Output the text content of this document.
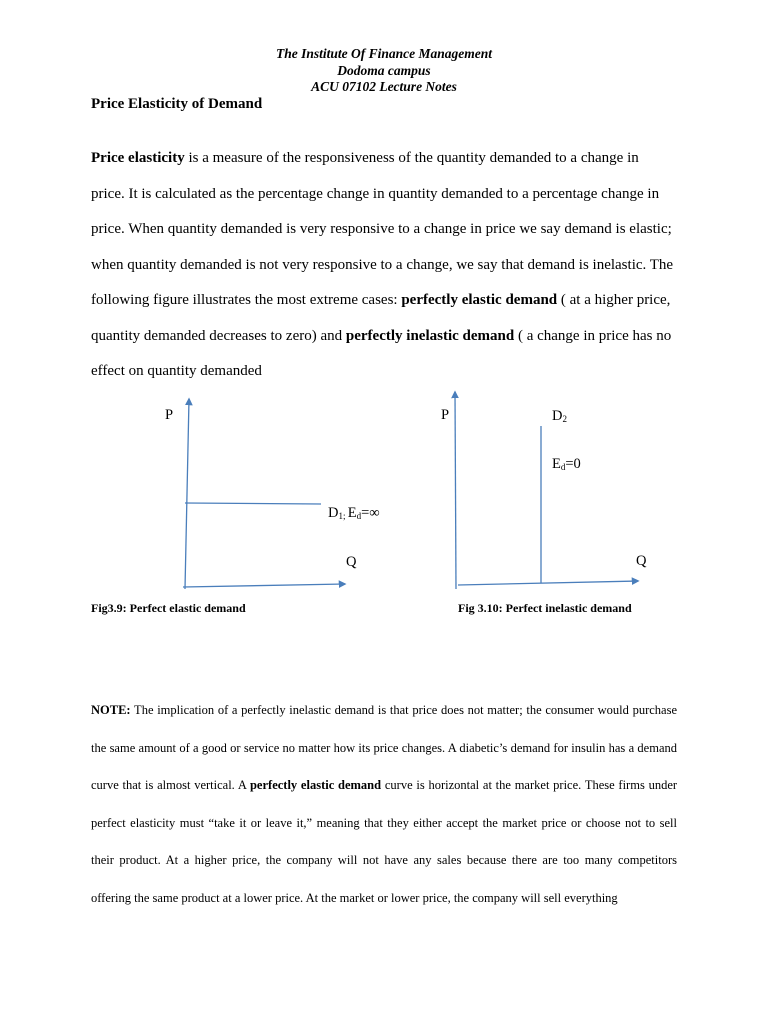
The Institute Of Finance Management
Dodoma campus
ACU 07102 Lecture Notes
Price Elasticity of Demand
Price elasticity is a measure of the responsiveness of the quantity demanded to a change in
price. It is calculated as the percentage change in quantity demanded to a percentage change in
price. When quantity demanded is very responsive to a change in price we say demand is elastic;
when quantity demanded is not very responsive to a change, we say that demand is inelastic. The
following figure illustrates the most extreme cases: perfectly elastic demand ( at a higher price,
quantity demanded decreases to zero) and perfectly inelastic demand ( a change in price has no
effect on quantity demanded
P
Q
$D_{1;}$ $E_d=\infty$
Fig3.9: Perfect elastic demand
P
Q
$D_2$
$E_d=0$
Fig 3.10: Perfect inelastic demand
NOTE: The implication of a perfectly inelastic demand is that price does not matter; the consumer would purchase
the same amount of a good or service no matter how its price changes. A diabetic’s demand for insulin has a demand
curve that is almost vertical. A perfectly elastic demand curve is horizontal at the market price. These firms under
perfect elasticity must “take it or leave it,” meaning that they either accept the market price or choose not to sell
their product. At a higher price, the company will not have any sales because there are too many competitors
offering the same product at a lower price. At the market or lower price, the company will sell everything
